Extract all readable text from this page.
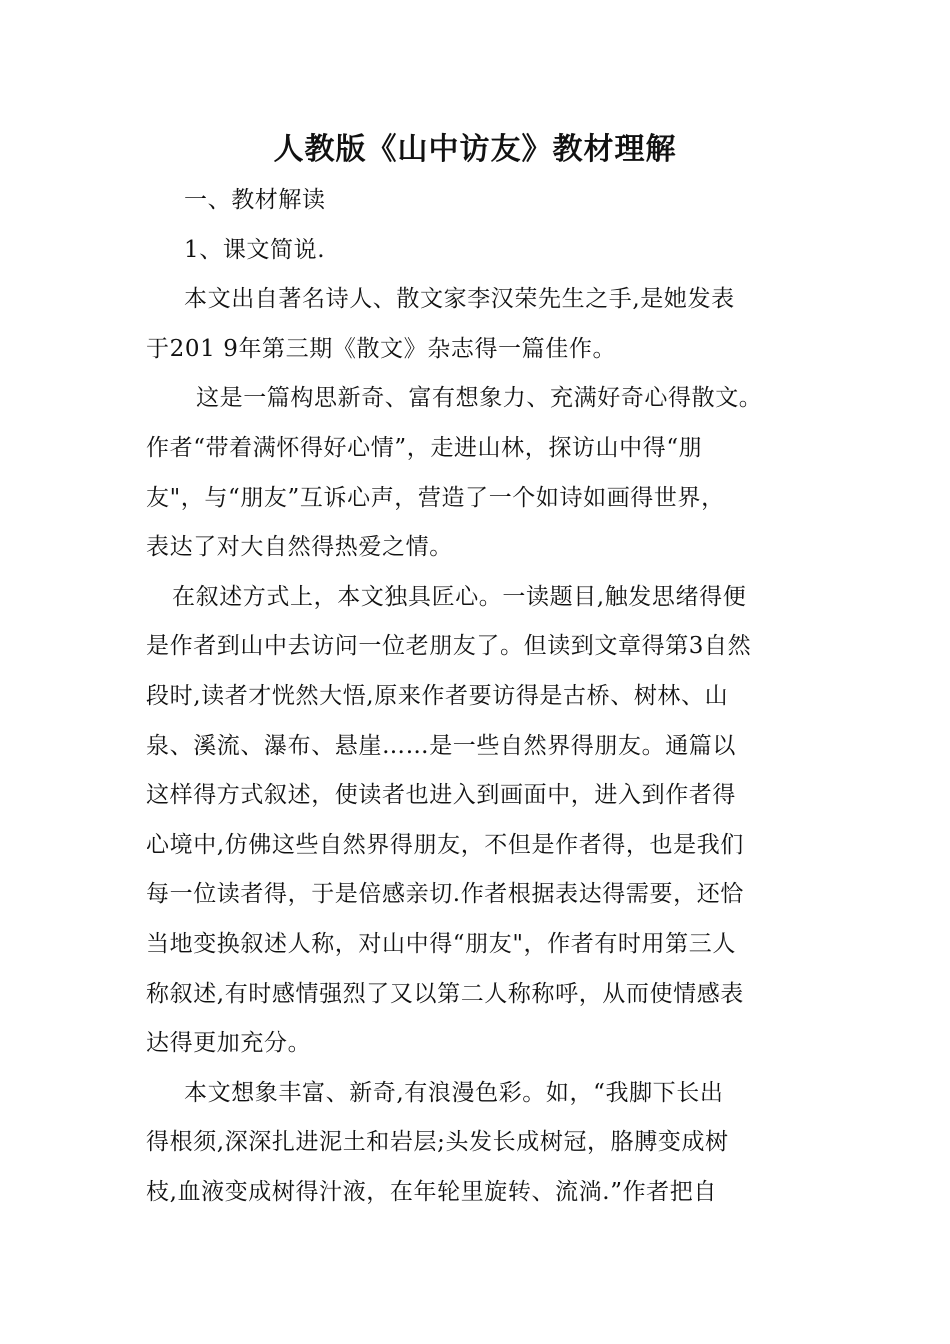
人教版《山中访友》教材理解
一、教材解读
1、课文简说.
本文出自著名诗人、散文家李汉荣先生之手,是她发表
于201 9年第三期《散文》杂志得一篇佳作。
这是一篇构思新奇、富有想象力、充满好奇心得散文。
作者“带着满怀得好心情”，走进山林，探访山中得“朋
友"，与“朋友”互诉心声，营造了一个如诗如画得世界，
表达了对大自然得热爱之情。
在叙述方式上，本文独具匠心。一读题目,触发思绪得便
是作者到山中去访问一位老朋友了。但读到文章得第3自然
段时,读者才恍然大悟,原来作者要访得是古桥、树林、山
泉、溪流、瀑布、悬崖……是一些自然界得朋友。通篇以
这样得方式叙述，使读者也进入到画面中，进入到作者得
心境中,仿佛这些自然界得朋友，不但是作者得，也是我们
每一位读者得，于是倍感亲切.作者根据表达得需要，还恰
当地变换叙述人称，对山中得“朋友"，作者有时用第三人
称叙述,有时感情强烈了又以第二人称称呼，从而使情感表
达得更加充分。
本文想象丰富、新奇,有浪漫色彩。如，“我脚下长出
得根须,深深扎进泥土和岩层;头发长成树冠，胳膊变成树
枝,血液变成树得汁液，在年轮里旋转、流淌.”作者把自
